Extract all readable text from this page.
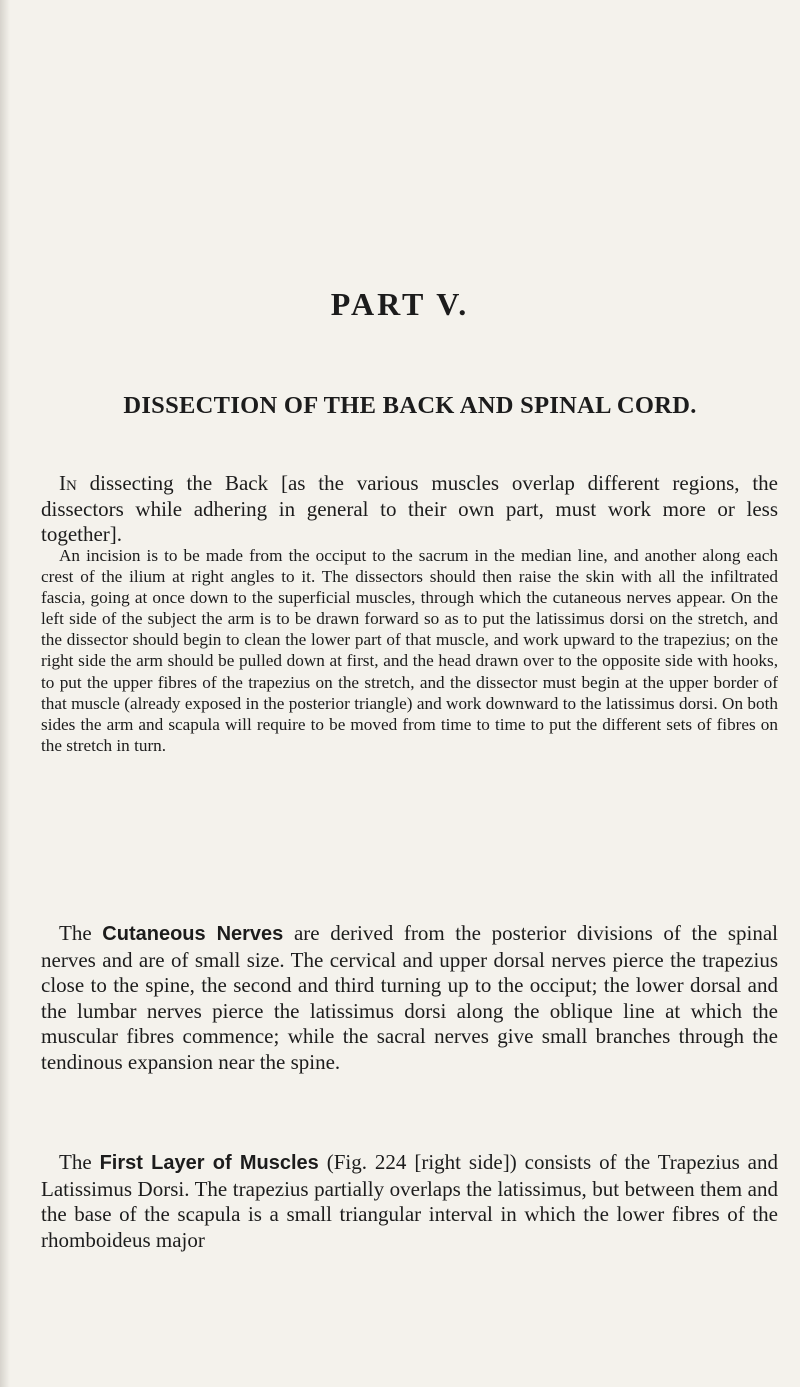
PART V.
DISSECTION OF THE BACK AND SPINAL CORD.

In dissecting the Back [as the various muscles overlap different regions, the dissectors while adhering in general to their own part, must work more or less together].

An incision is to be made from the occiput to the sacrum in the median line, and another along each crest of the ilium at right angles to it. The dissectors should then raise the skin with all the infiltrated fascia, going at once down to the superficial muscles, through which the cutaneous nerves appear. On the left side of the subject the arm is to be drawn forward so as to put the latissimus dorsi on the stretch, and the dissector should begin to clean the lower part of that muscle, and work upward to the trapezius; on the right side the arm should be pulled down at first, and the head drawn over to the opposite side with hooks, to put the upper fibres of the trapezius on the stretch, and the dissector must begin at the upper border of that muscle (already exposed in the posterior triangle) and work downward to the latissimus dorsi. On both sides the arm and scapula will require to be moved from time to time to put the different sets of fibres on the stretch in turn.

The Cutaneous Nerves are derived from the posterior divisions of the spinal nerves and are of small size. The cervical and upper dorsal nerves pierce the trapezius close to the spine, the second and third turning up to the occiput; the lower dorsal and the lumbar nerves pierce the latissimus dorsi along the oblique line at which the muscular fibres commence; while the sacral nerves give small branches through the tendinous expansion near the spine.

The First Layer of Muscles (Fig. 224 [right side]) consists of the Trapezius and Latissimus Dorsi. The trapezius partially overlaps the latissimus, but between them and the base of the scapula is a small triangular interval in which the lower fibres of the rhomboideus major
